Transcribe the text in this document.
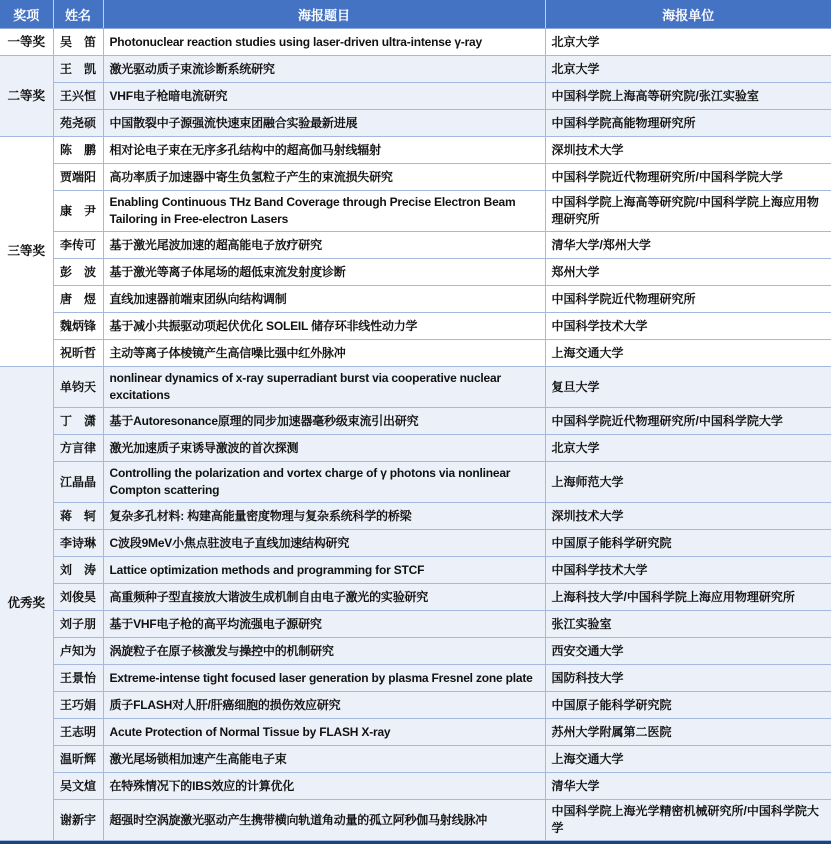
奖项	姓名	海报题目	海报单位
一等奖	吴　笛	Photonuclear reaction studies using laser-driven ultra-intense γ-ray	北京大学
二等奖	王　凯	激光驱动质子束流诊断系统研究	北京大学
	王兴恒	VHF电子枪暗电流研究	中国科学院上海高等研究院/张江实验室
	苑尧硕	中国散裂中子源强流快速束团融合实验最新进展	中国科学院高能物理研究所
三等奖	陈　鹏	相对论电子束在无序多孔结构中的超高伽马射线辐射	深圳技术大学
	贾端阳	高功率质子加速器中寄生负氢粒子产生的束流损失研究	中国科学院近代物理研究所/中国科学院大学
	康　尹	Enabling Continuous THz Band Coverage through Precise Electron Beam Tailoring in Free-electron Lasers	中国科学院上海高等研究院/中国科学院上海应用物理研究所
	李传可	基于激光尾波加速的超高能电子放疗研究	清华大学/郑州大学
	彭　波	基于激光等离子体尾场的超低束流发射度诊断	郑州大学
	唐　煜	直线加速器前端束团纵向结构调制	中国科学院近代物理研究所
	魏炳锋	基于减小共振驱动项起伏优化 SOLEIL 储存环非线性动力学	中国科学技术大学
	祝昕哲	主动等离子体棱镜产生高信噪比强中红外脉冲	上海交通大学
优秀奖	单钧天	nonlinear dynamics of x-ray superradiant burst via cooperative nuclear excitations	复旦大学
	丁　潇	基于Autoresonance原理的同步加速器毫秒级束流引出研究	中国科学院近代物理研究所/中国科学院大学
	方言律	激光加速质子束诱导激波的首次探测	北京大学
	江晶晶	Controlling the polarization and vortex charge of γ photons via nonlinear Compton scattering	上海师范大学
	蒋　轲	复杂多孔材料: 构建高能量密度物理与复杂系统科学的桥梁	深圳技术大学
	李诗琳	C波段9MeV小焦点驻波电子直线加速结构研究	中国原子能科学研究院
	刘　涛	Lattice optimization methods and programming for STCF	中国科学技术大学
	刘俊昊	高重频种子型直接放大谐波生成机制自由电子激光的实验研究	上海科技大学/中国科学院上海应用物理研究所
	刘子朋	基于VHF电子枪的高平均流强电子源研究	张江实验室
	卢知为	涡旋粒子在原子核激发与操控中的机制研究	西安交通大学
	王景怡	Extreme-intense tight focused laser generation by plasma Fresnel zone plate	国防科技大学
	王巧娟	质子FLASH对人肝/肝癌细胞的损伤效应研究	中国原子能科学研究院
	王志明	Acute Protection of Normal Tissue by FLASH X-ray	苏州大学附属第二医院
	温昕辉	激光尾场锁相加速产生高能电子束	上海交通大学
	吴文煊	在特殊情况下的IBS效应的计算优化	清华大学
	谢新宇	超强时空涡旋激光驱动产生携带横向轨道角动量的孤立阿秒伽马射线脉冲	中国科学院上海光学精密机械研究所/中国科学院大学
